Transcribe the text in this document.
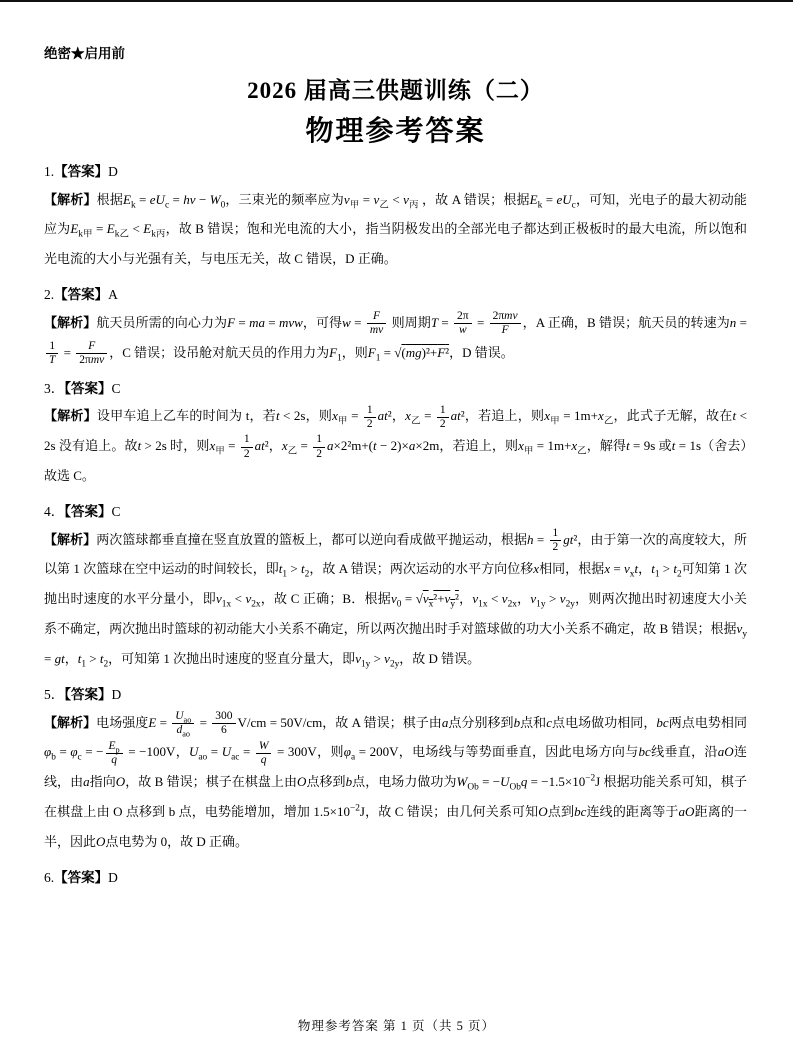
绝密★启用前
2026 届高三供题训练（二）
物理参考答案

1.【答案】D

【解析】根据$E_k = eU_c = h\nu - W_0$，三束光的频率应为$\nu_甲 = \nu_乙 < \nu_丙$ ，故 A 错误；根据$E_k = eU_c$，可知，光电子的最大初动能应为$E_{k甲} = E_{k乙} < E_{k丙}$，故 B 错误；饱和光电流的大小，指当阴极发出的全部光电子都达到正极板时的最大电流，所以饱和光电流的大小与光强有关，与电压无关，故 C 错误，D 正确。

2.【答案】A

【解析】航天员所需的向心力为F = ma = mvw，可得$w = \frac{F}{mv}$ 则周期$T = \frac{2\pi}{w} = \frac{\text{2πmv}}{F}$ ，A 正确，B 错误；航天员的转速为n =
$\frac{1}{T} = \frac{F}{\text{2πmv}}$ ，C 错误；设吊舱对航天员的作用力为$F_1$，则$F_1 = √(mg)^2+F^2$，D 错误。

3．【答案】C

【解析】设甲车追上乙车的时间为 t，若t < 2s，则$x_甲 = \frac{1}{2} at^2$，$x_乙 = \frac{1}{2} at^2$，若追上，则$x_甲 = 1m+x_乙$，此式子无解，故在t < 2s 没有追上。故t > 2s 时，则$x_甲 = \frac{1}{2} at^2$，$x_乙 = \frac{1}{2} a\times 2^2m+(t - 2)\times a\times 2m$，若追上，则$x_甲 = 1m+x_乙$，解得t = 9s 或t = 1s（舍去）故选 C。

4．【答案】C

【解析】两次篮球都垂直撞在竖直放置的篮板上，都可以逆向看成做平抛运动，根据$h = \frac{1}{2} gt^2$，由于第一次的高度较大，所以第 1 次篮球在空中运动的时间较长，即$t_1 > t_2$，故 A 错误；两次运动的水平方向位移x相同，根据$x = v_xt$，$t_1 > t_2$可知第 1 次抛出时速度的水平分量小，即$v_{1x} < v_{2x}$，故 C 正确；B．根据$v_0 = √v_x^2+v_y^2$，$v_{1x} < v_{2x}$，$v_{1y} > v_{2y}$，则两次抛出时初速度大小关系不确定，两次抛出时篮球的初动能大小关系不确定，所以两次抛出时手对篮球做的功大小关系不确定，故 B 错误；根据$v_y$ = gt，$t_1 > t_2$，可知第 1 次抛出时速度的竖直分量大，即$v_{1y} > v_{2y}$，故 D 错误。

5．【答案】D

【解析】电场强度$E = \frac{U_{ao}}{d_{ao}} = \frac{300}{6} V/cm = 50V/cm$，故 A 错误；棋子由a点分别移到b点和c点电场做功相同，bc两点电势相同$\varphi_b = \varphi_c$ = − $\frac{E_p}{q} = -100V$，$U_{ao} = U_{ac} = \frac{W}{q} = 300V$，则$\varphi_a = 200V$，电场线与等势面垂直，因此电场方向与bc线垂直，沿aO连线，由a指向O，故 B 错误；棋子在棋盘上由O点移到b点，电场力做功为$W_{Ob} = -U_{Ob}q = -1.5\times 10^{-2}J$ 根据功能关系可知，棋子在棋盘上由 O 点移到 b 点，电势能增加，增加 $1.5\times 10^{-2}J$，故 C 错误；由几何关系可知O点到bc连线的距离等于aO距离的一半，因此O点电势为 0，故 D 正确。

6.【答案】D

物理参考答案 第 1 页（共 5 页）
